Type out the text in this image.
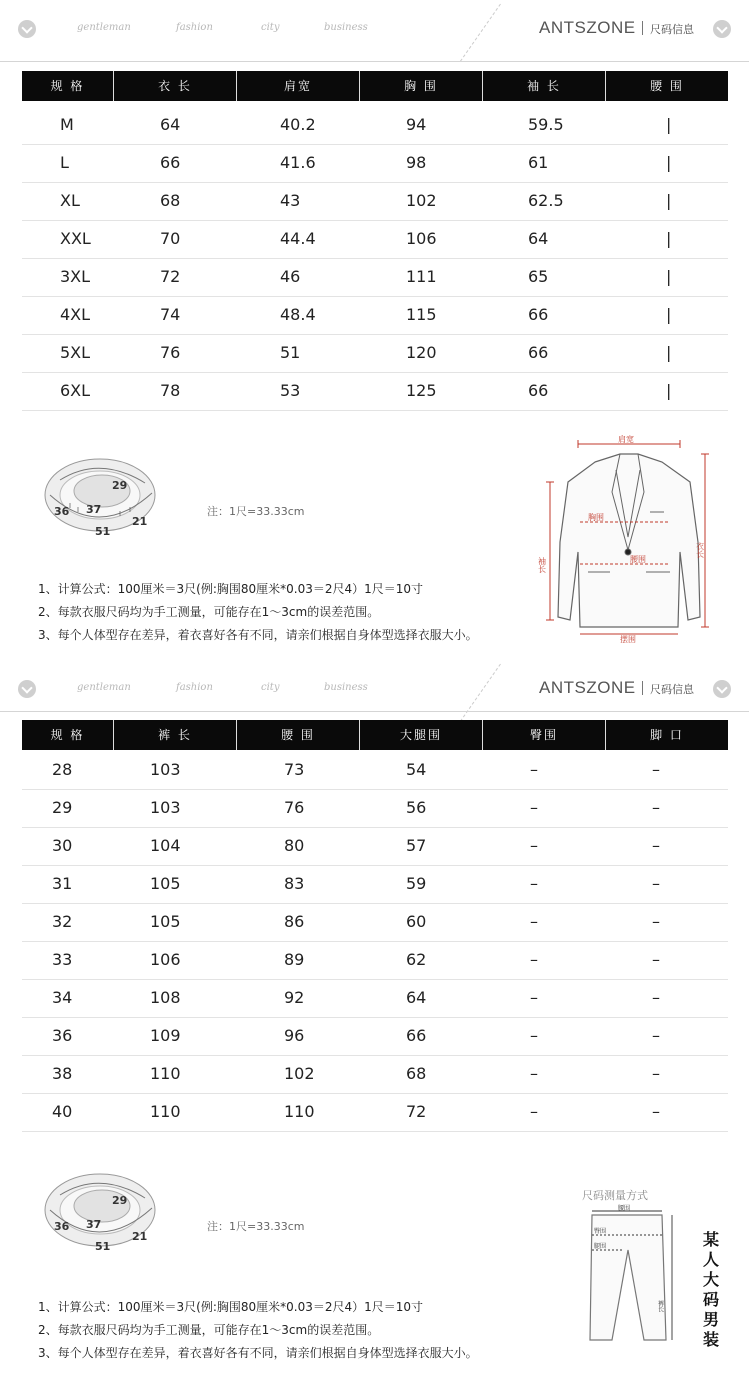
gentleman	fashion	city	business	ANTSZONE 尺码信息
规 格	衣 长	肩宽	胸 围	袖 长	腰 围
M	64	40.2	94	59.5	|
L	66	41.6	98	61	|
XL	68	43	102	62.5	|
XXL	70	44.4	106	64	|
3XL	72	46	111	65	|
4XL	74	48.4	115	66	|
5XL	76	51	120	66	|
6XL	78	53	125	66	|
29
37
51
36
21
注：1尺=33.33cm
1、计算公式：100厘米＝3尺(例:胸围80厘米*0.03＝2尺4）1尺＝10寸
2、每款衣服尺码均为手工测量，可能存在1～3cm的误差范围。
3、每个人体型存在差异，着衣喜好各有不同，请亲们根据自身体型选择衣服大小。
肩宽
胸围
腰围
摆围
袖长
衣长
gentleman	fashion	city	business	ANTSZONE 尺码信息
规 格	裤 长	腰 围	大腿围	臀围	脚 口
28	103	73	54	–	–
29	103	76	56	–	–
30	104	80	57	–	–
31	105	83	59	–	–
32	105	86	60	–	–
33	106	89	62	–	–
34	108	92	64	–	–
36	109	96	66	–	–
38	110	102	68	–	–
40	110	110	72	–	–
29
37
51
36
21
注：1尺=33.33cm
1、计算公式：100厘米＝3尺(例:胸围80厘米*0.03＝2尺4）1尺＝10寸
2、每款衣服尺码均为手工测量，可能存在1～3cm的误差范围。
3、每个人体型存在差异，着衣喜好各有不同，请亲们根据自身体型选择衣服大小。
尺码测量方式
腰围
臀围
腿围
裤长
某
人
大
码
男
装
